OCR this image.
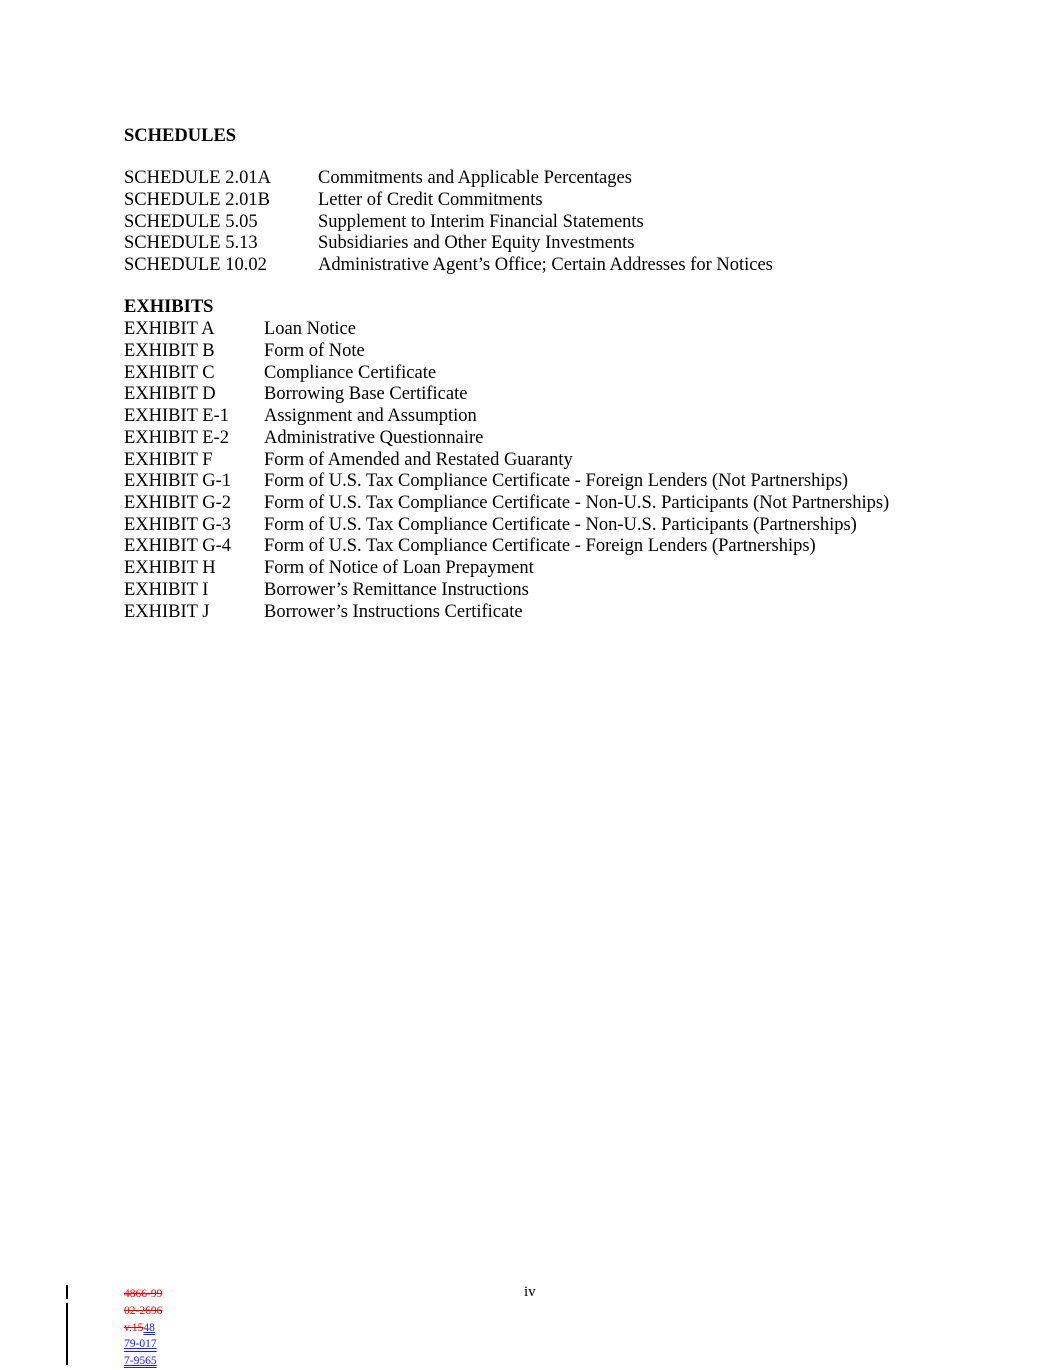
SCHEDULES
SCHEDULE 2.01A	Commitments and Applicable Percentages
SCHEDULE 2.01B	Letter of Credit Commitments
SCHEDULE 5.05	Supplement to Interim Financial Statements
SCHEDULE 5.13	Subsidiaries and Other Equity Investments
SCHEDULE 10.02	Administrative Agent’s Office; Certain Addresses for Notices
EXHIBITS
EXHIBIT A	Loan Notice
EXHIBIT B	Form of Note
EXHIBIT C	Compliance Certificate
EXHIBIT D	Borrowing Base Certificate
EXHIBIT E-1 Assignment and Assumption
EXHIBIT E-2 Administrative Questionnaire
EXHIBIT F	Form of Amended and Restated Guaranty
EXHIBIT G-1 Form of U.S. Tax Compliance Certificate - Foreign Lenders (Not Partnerships)
EXHIBIT G-2 Form of U.S. Tax Compliance Certificate - Non-U.S. Participants (Not Partnerships)
EXHIBIT G-3 Form of U.S. Tax Compliance Certificate - Non-U.S. Participants (Partnerships)
EXHIBIT G-4 Form of U.S. Tax Compliance Certificate - Foreign Lenders (Partnerships)
EXHIBIT H	Form of Notice of Loan Prepayment
EXHIBIT I	Borrower’s Remittance Instructions
EXHIBIT J	Borrower’s Instructions Certificate
iv
4866-99
02-2696
v.1548
79-017
7-9565
